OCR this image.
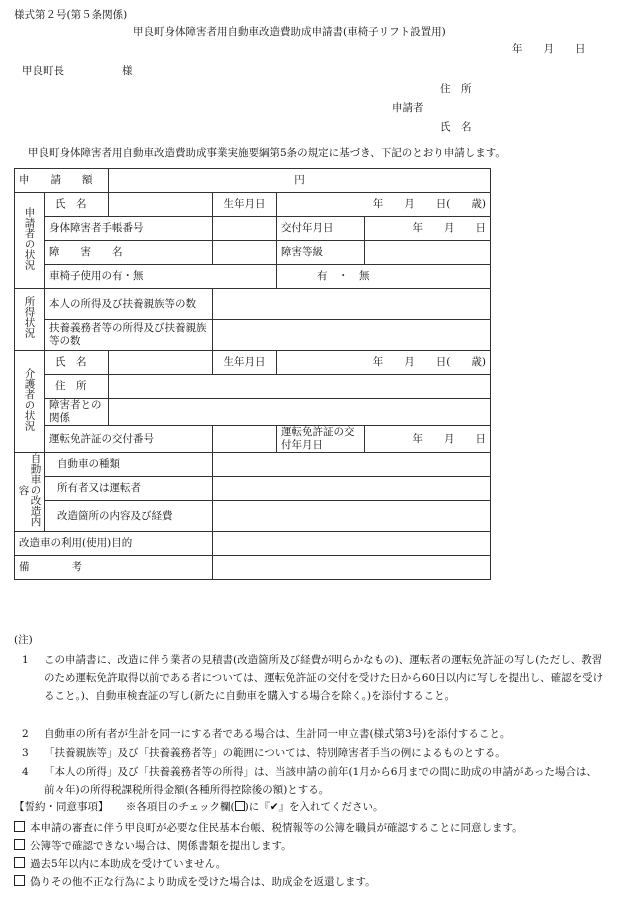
様式第２号(第５条関係)
甲良町身体障害者用自動車改造費助成申請書(車椅子リフト設置用)
年　　月　　日
甲良町長	様
住　所
申請者
氏　名
甲良町身体障害者用自動車改造費助成事業実施要綱第5条の規定に基づき、下記のとおり申請します。
申　　請　　額		円			
申請者の状況	氏　名		生年月日	年　　月　　日(　　歳)	
	身体障害者手帳番号			交付年月日	年　　月　　日
	障　　害　　名			障害等級	
	車椅子使用の有・無			有　・　無	
所得状況	本人の所得及び扶養親族等の数				
	扶養義務者等の所得及び扶養親族等の数				
介護者の状況	氏　名		生年月日	年　　月　　日(　　歳)	
	住　所				
	障害者との関係				
	運転免許証の交付番号			運転免許証の交付年月日	年　　月　　日
自動車の改造内容	自動車の種類				
	所有者又は運転者				
	改造箇所の内容及び経費				
改造車の利用(使用)目的					
備　　　　考					
(注)
1	この申請書に、改造に伴う業者の見積書(改造箇所及び経費が明らかなもの)、運転者の運転免許証の写し(ただし、教習のため運転免許取得以前である者については、運転免許証の交付を受けた日から60日以内に写しを提出し、確認を受けること。)、自動車検査証の写し(新たに自動車を購入する場合を除く。)を添付すること。
2	自動車の所有者が生計を同一にする者である場合は、生計同一申立書(様式第3号)を添付すること。
3	「扶養親族等」及び「扶養義務者等」の範囲については、特別障害者手当の例によるものとする。
4	「本人の所得」及び「扶養義務者等の所得」は、当該申請の前年(1月から6月までの間に助成の申請があった場合は、前々年)の所得税課税所得金額(各種所得控除後の額)とする。
【誓約・同意事項】 ※各項目のチェック欄( )に『✔』を入れてください。
本申請の審査に伴う甲良町が必要な住民基本台帳、税情報等の公簿を職員が確認することに同意します。
公簿等で確認できない場合は、関係書類を提出します。
過去5年以内に本助成を受けていません。
偽りその他不正な行為により助成を受けた場合は、助成金を返還します。
